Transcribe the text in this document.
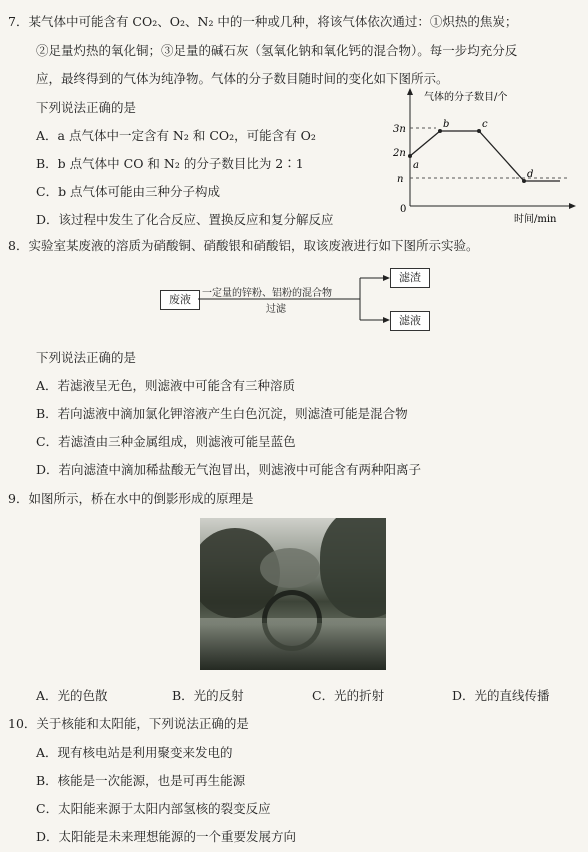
7．某气体中可能含有 CO₂、O₂、N₂ 中的一种或几种，将该气体依次通过：①炽热的焦炭；
②足量灼热的氧化铜；③足量的碱石灰（氢氧化钠和氧化钙的混合物）。每一步均充分反
应，最终得到的气体为纯净物。气体的分子数目随时间的变化如下图所示。
下列说法正确的是
A．a 点气体中一定含有 N₂ 和 CO₂，可能含有 O₂
B．b 点气体中 CO 和 N₂ 的分子数目比为 2∶1
C．b 点气体可能由三种分子构成
D．该过程中发生了化合反应、置换反应和复分解反应
气体的分子数目/个
时间/min
0
3n
2n
n
a
b	c
d
8．实验室某废液的溶质为硝酸铜、硝酸银和硝酸铝，取该废液进行如下图所示实验。
废液	一定量的锌粉、铝粉的混合物
过滤
滤渣
滤液
下列说法正确的是
A．若滤液呈无色，则滤液中可能含有三种溶质
B．若向滤液中滴加氯化钾溶液产生白色沉淀，则滤渣可能是混合物
C．若滤渣由三种金属组成，则滤液可能呈蓝色
D．若向滤渣中滴加稀盐酸无气泡冒出，则滤液中可能含有两种阳离子
9．如图所示，桥在水中的倒影形成的原理是
A．光的色散	B．光的反射	C．光的折射	D．光的直线传播
10．关于核能和太阳能，下列说法正确的是
A．现有核电站是利用聚变来发电的
B．核能是一次能源，也是可再生能源
C．太阳能来源于太阳内部氢核的裂变反应
D．太阳能是未来理想能源的一个重要发展方向
